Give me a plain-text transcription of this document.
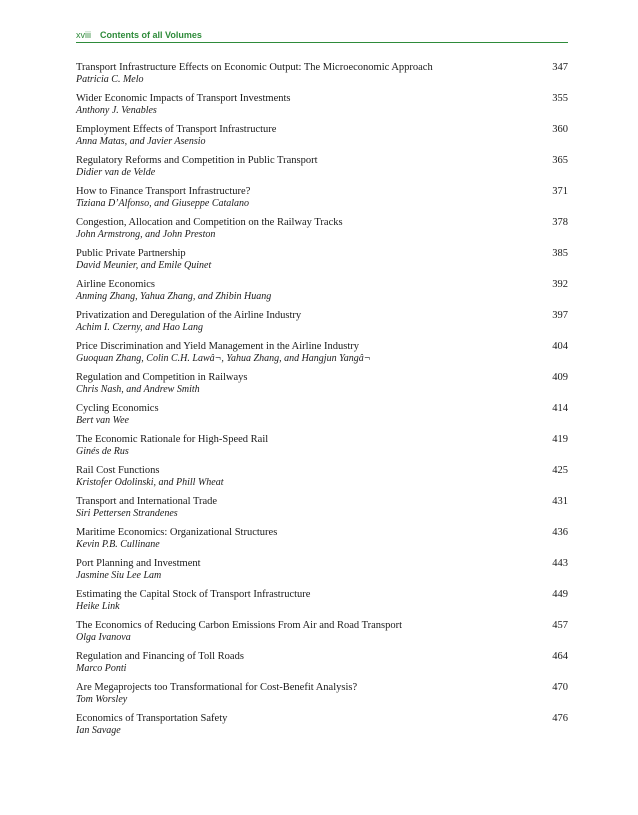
xviii Contents of all Volumes
Transport Infrastructure Effects on Economic Output: The Microeconomic Approach
Patricia C. Melo
347
Wider Economic Impacts of Transport Investments
Anthony J. Venables
355
Employment Effects of Transport Infrastructure
Anna Matas, and Javier Asensio
360
Regulatory Reforms and Competition in Public Transport
Didier van de Velde
365
How to Finance Transport Infrastructure?
Tiziana D’Alfonso, and Giuseppe Catalano
371
Congestion, Allocation and Competition on the Railway Tracks
John Armstrong, and John Preston
378
Public Private Partnership
David Meunier, and Emile Quinet
385
Airline Economics
Anming Zhang, Yahua Zhang, and Zhibin Huang
392
Privatization and Deregulation of the Airline Industry
Achim I. Czerny, and Hao Lang
397
Price Discrimination and Yield Management in the Airline Industry
Guoquan Zhang, Colin C.H. Lawâ¬, Yahua Zhang, and Hangjun Yangâ¬
404
Regulation and Competition in Railways
Chris Nash, and Andrew Smith
409
Cycling Economics
Bert van Wee
414
The Economic Rationale for High-Speed Rail
Ginés de Rus
419
Rail Cost Functions
Kristofer Odolinski, and Phill Wheat
425
Transport and International Trade
Siri Pettersen Strandenes
431
Maritime Economics: Organizational Structures
Kevin P.B. Cullinane
436
Port Planning and Investment
Jasmine Siu Lee Lam
443
Estimating the Capital Stock of Transport Infrastructure
Heike Link
449
The Economics of Reducing Carbon Emissions From Air and Road Transport
Olga Ivanova
457
Regulation and Financing of Toll Roads
Marco Ponti
464
Are Megaprojects too Transformational for Cost-Benefit Analysis?
Tom Worsley
470
Economics of Transportation Safety
Ian Savage
476
